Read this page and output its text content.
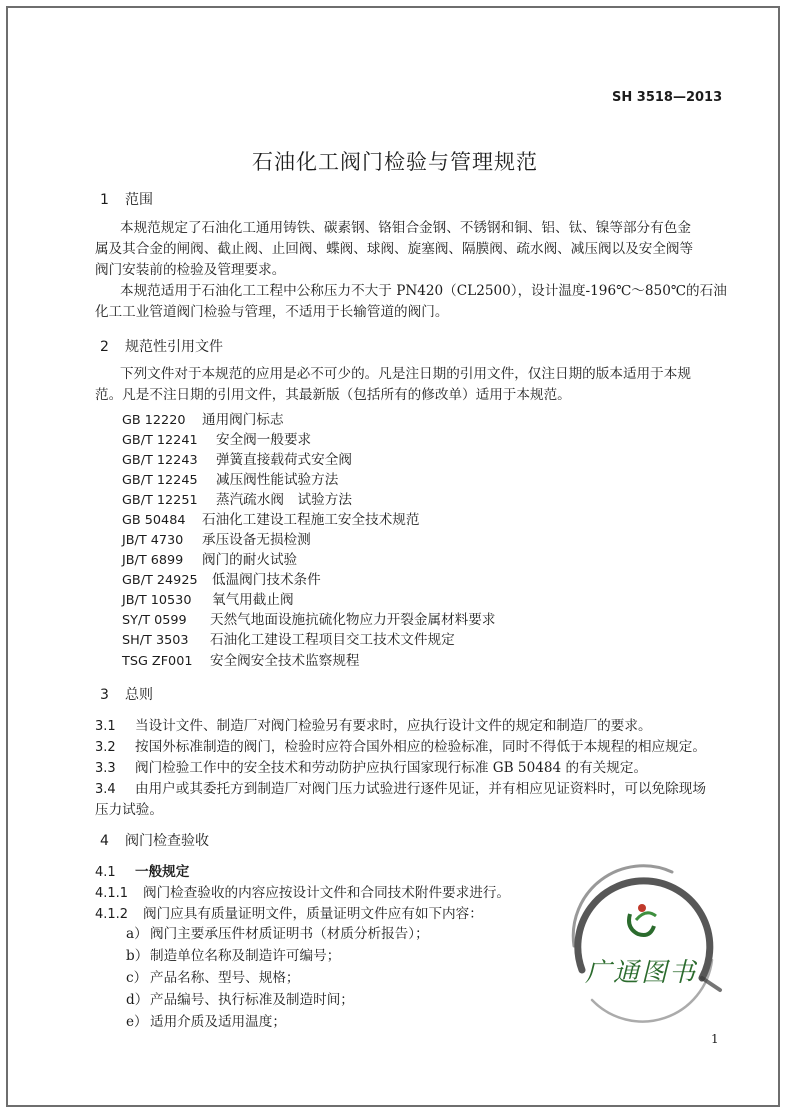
SH 3518—2013
石油化工阀门检验与管理规范
1 范围
本规范规定了石油化工通用铸铁、碳素钢、铬钼合金钢、不锈钢和铜、铝、钛、镍等部分有色金
属及其合金的闸阀、截止阀、止回阀、蝶阀、球阀、旋塞阀、隔膜阀、疏水阀、减压阀以及安全阀等
阀门安装前的检验及管理要求。
本规范适用于石油化工工程中公称压力不大于 PN420（CL2500），设计温度-196℃～850℃的石油
化工工业管道阀门检验与管理，不适用于长输管道的阀门。
2 规范性引用文件
下列文件对于本规范的应用是必不可少的。凡是注日期的引用文件，仅注日期的版本适用于本规
范。凡是不注日期的引用文件，其最新版（包括所有的修改单）适用于本规范。
GB 12220 通用阀门标志
GB/T 12241 安全阀一般要求
GB/T 12243 弹簧直接载荷式安全阀
GB/T 12245 减压阀性能试验方法
GB/T 12251 蒸汽疏水阀　试验方法
GB 50484 石油化工建设工程施工安全技术规范
JB/T 4730 承压设备无损检测
JB/T 6899 阀门的耐火试验
GB/T 24925 低温阀门技术条件
JB/T 10530 氧气用截止阀
SY/T 0599 天然气地面设施抗硫化物应力开裂金属材料要求
SH/T 3503 石油化工建设工程项目交工技术文件规定
TSG ZF001 安全阀安全技术监察规程
3 总则
3.1 当设计文件、制造厂对阀门检验另有要求时，应执行设计文件的规定和制造厂的要求。
3.2 按国外标准制造的阀门，检验时应符合国外相应的检验标准，同时不得低于本规程的相应规定。
3.3 阀门检验工作中的安全技术和劳动防护应执行国家现行标准 GB 50484 的有关规定。
3.4 由用户或其委托方到制造厂对阀门压力试验进行逐件见证，并有相应见证资料时，可以免除现场
压力试验。
4 阀门检查验收
4.1 一般规定
4.1.1 阀门检查验收的内容应按设计文件和合同技术附件要求进行。
4.1.2 阀门应具有质量证明文件，质量证明文件应有如下内容：
a） 阀门主要承压件材质证明书（材质分析报告）；
b） 制造单位名称及制造许可编号；
c） 产品名称、型号、规格；
d） 产品编号、执行标准及制造时间；
e） 适用介质及适用温度；
广通图书
1
